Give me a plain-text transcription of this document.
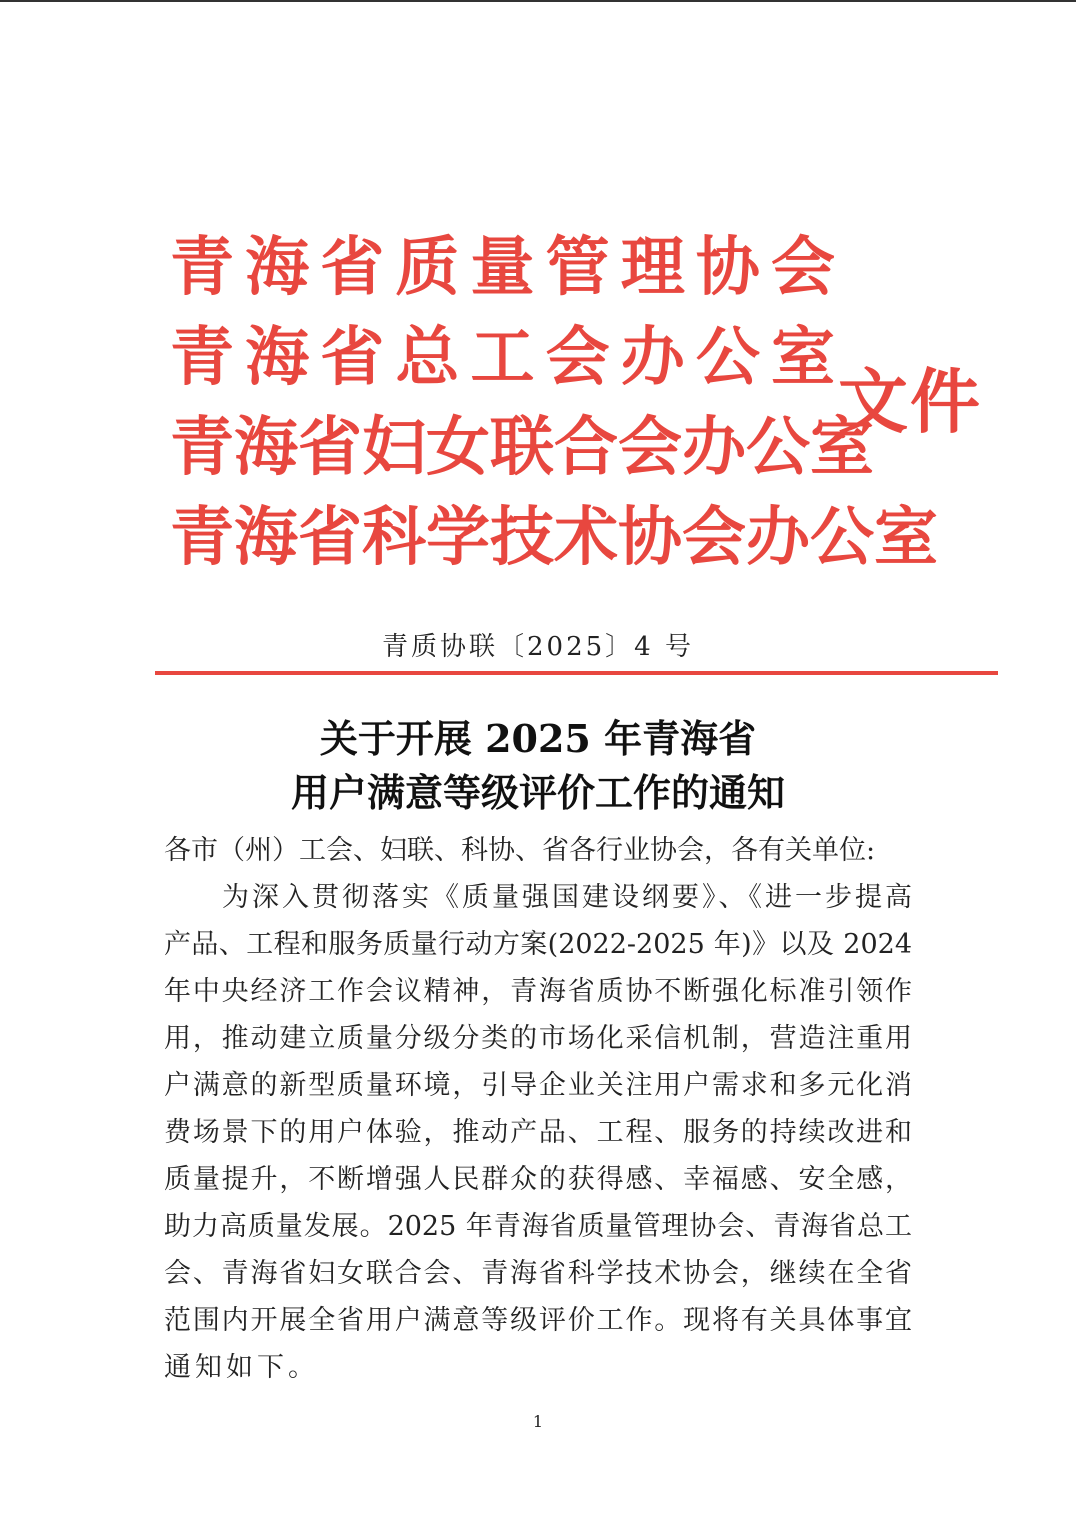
青海省质量管理协会
青海省总工会办公室
青海省妇女联合会办公室
青海省科学技术协会办公室
文件
青质协联〔2025〕4 号
关于开展 2025 年青海省
用户满意等级评价工作的通知
各市（州）工会、妇联、科协、省各行业协会，各有关单位:
为深入贯彻落实《质量强国建设纲要》、《进一步提高
产品、工程和服务质量行动方案(2022-2025 年)》以及 2024
年中央经济工作会议精神，青海省质协不断强化标准引领作
用，推动建立质量分级分类的市场化采信机制，营造注重用
户满意的新型质量环境，引导企业关注用户需求和多元化消
费场景下的用户体验，推动产品、工程、服务的持续改进和
质量提升，不断增强人民群众的获得感、幸福感、安全感，
助力高质量发展。2025 年青海省质量管理协会、青海省总工
会、青海省妇女联合会、青海省科学技术协会，继续在全省
范围内开展全省用户满意等级评价工作。现将有关具体事宜
通知如下。
1
